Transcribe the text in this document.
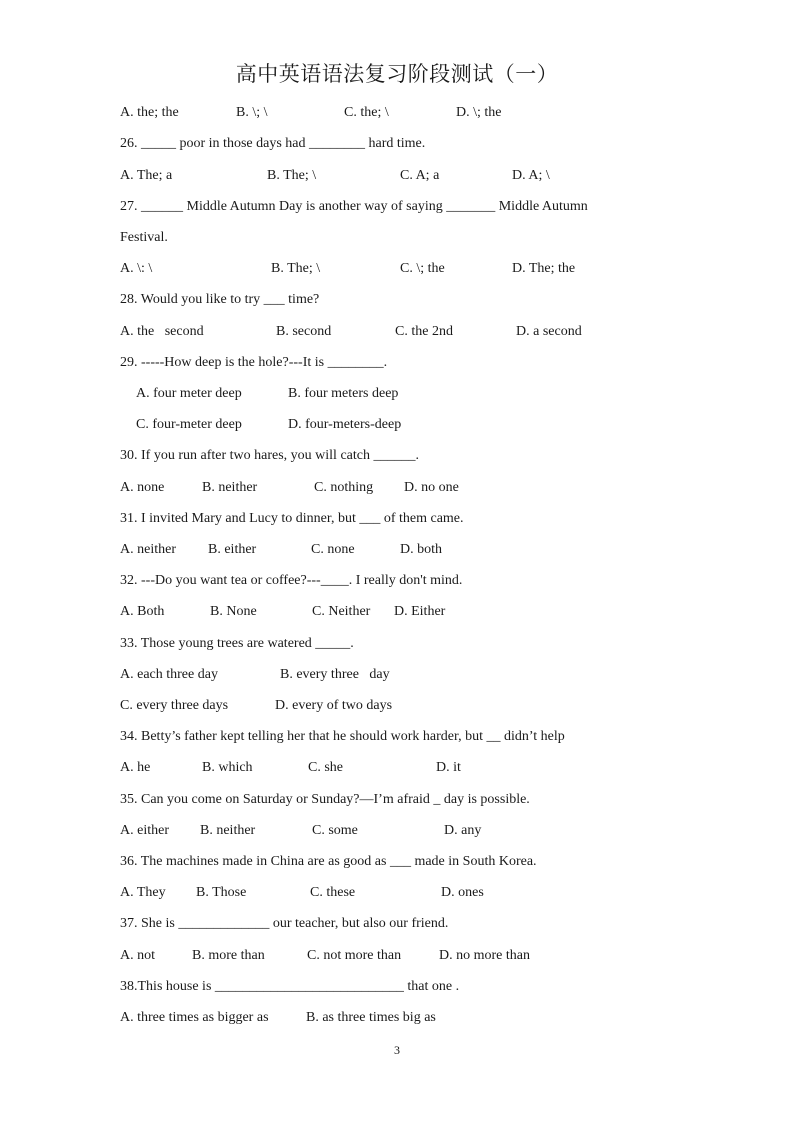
高中英语语法复习阶段测试（一）
A. the; the	B. \; \	C. the; \	D. \; the
26. _____ poor in those days had ________ hard time.
A. The; a	B. The; \	C. A; a	D. A; \
27. ______ Middle Autumn Day is another way of saying _______ Middle Autumn
Festival.
A. \: \	B. The; \	C. \; the	D. The; the
28. Would you like to try ___ time?
A. the   second	B. second	C. the 2nd	D. a second
29. -----How deep is the hole?---It is ________.
A. four meter deep	B. four meters deep
C. four-meter deep	D. four-meters-deep
30. If you run after two hares, you will catch ______.
A. none	B. neither	C. nothing D. no one
31. I invited Mary and Lucy to dinner, but ___ of them came.
A. neither B. either	C. none	D. both
32. ---Do you want tea or coffee?---____. I really don't mind.
A. Both	B. None	C. Neither D. Either
33. Those young trees are watered _____.
A. each three day	B. every three   day
C. every three days	D. every of two days
34. Betty’s father kept telling her that he should work harder, but __ didn’t help
A. he	B. which	C. she	D. it
35. Can you come on Saturday or Sunday?—I’m afraid _ day is possible.
A. either B. neither	C. some	D. any
36. The machines made in China are as good as ___ made in South Korea.
A. They B. Those	C. these	D. ones
37. She is _____________ our teacher, but also our friend.
A. not	B. more than	C. not more than	D. no more than
38.This house is ___________________________ that one .
A. three times as bigger as	B. as three times big as
3
